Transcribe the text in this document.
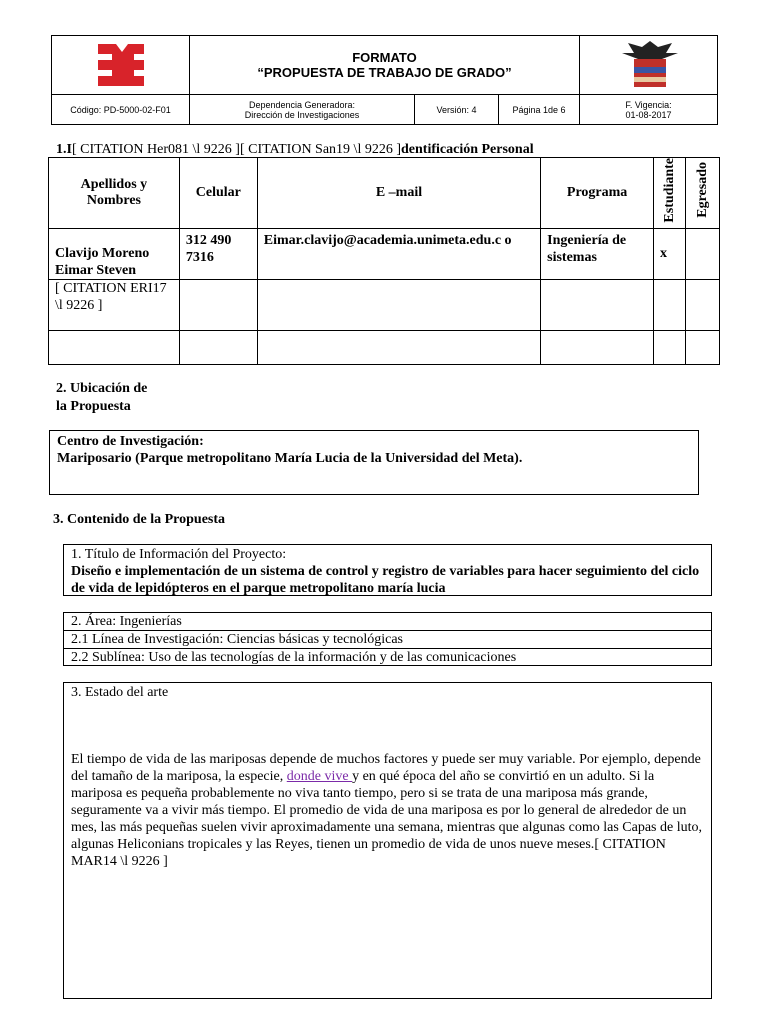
FORMATO
“PROPUESTA DE TRABAJO DE GRADO”
Código: PD-5000-02-F01	Dependencia Generadora:
Dirección de Investigaciones	Versión: 4	Página 1de 6	F. Vigencia:
01-08-2017
1.I[ CITATION Her081 \l 9226 ][ CITATION San19 \l 9226 ]dentificación Personal
Apellidos y Nombres	Celular	E –mail	Programa	Estudiante	Egresado
Clavijo Moreno Eimar Steven	312 490 7316	Eimar.clavijo@academia.unimeta.edu.c o	Ingeniería de sistemas	x	
[ CITATION ERI17 \l 9226 ]					

2. Ubicación de
la Propuesta
Centro de Investigación:
Mariposario (Parque metropolitano María Lucia de la Universidad del Meta).
3. Contenido de la Propuesta
1. Título de Información del Proyecto:
Diseño e implementación de un sistema de control y registro de variables para hacer seguimiento del ciclo de vida de lepidópteros en el parque metropolitano maría lucia
2. Área: Ingenierías
2.1 Línea de Investigación: Ciencias básicas y tecnológicas
2.2 Sublínea: Uso de las tecnologías de la información y de las comunicaciones
3. Estado del arte
El tiempo de vida de las mariposas depende de muchos factores y puede ser muy variable. Por ejemplo, depende del tamaño de la mariposa, la especie, donde vive y en qué época del año se convirtió en un adulto. Si la mariposa es pequeña probablemente no viva tanto tiempo, pero si se trata de una mariposa más grande, seguramente va a vivir más tiempo. El promedio de vida de una mariposa es por lo general de alrededor de un mes, las más pequeñas suelen vivir aproximadamente una semana, mientras que algunas como las Capas de luto, algunas Heliconians tropicales y las Reyes, tienen un promedio de vida de unos nueve meses.[ CITATION MAR14 \l 9226 ]
